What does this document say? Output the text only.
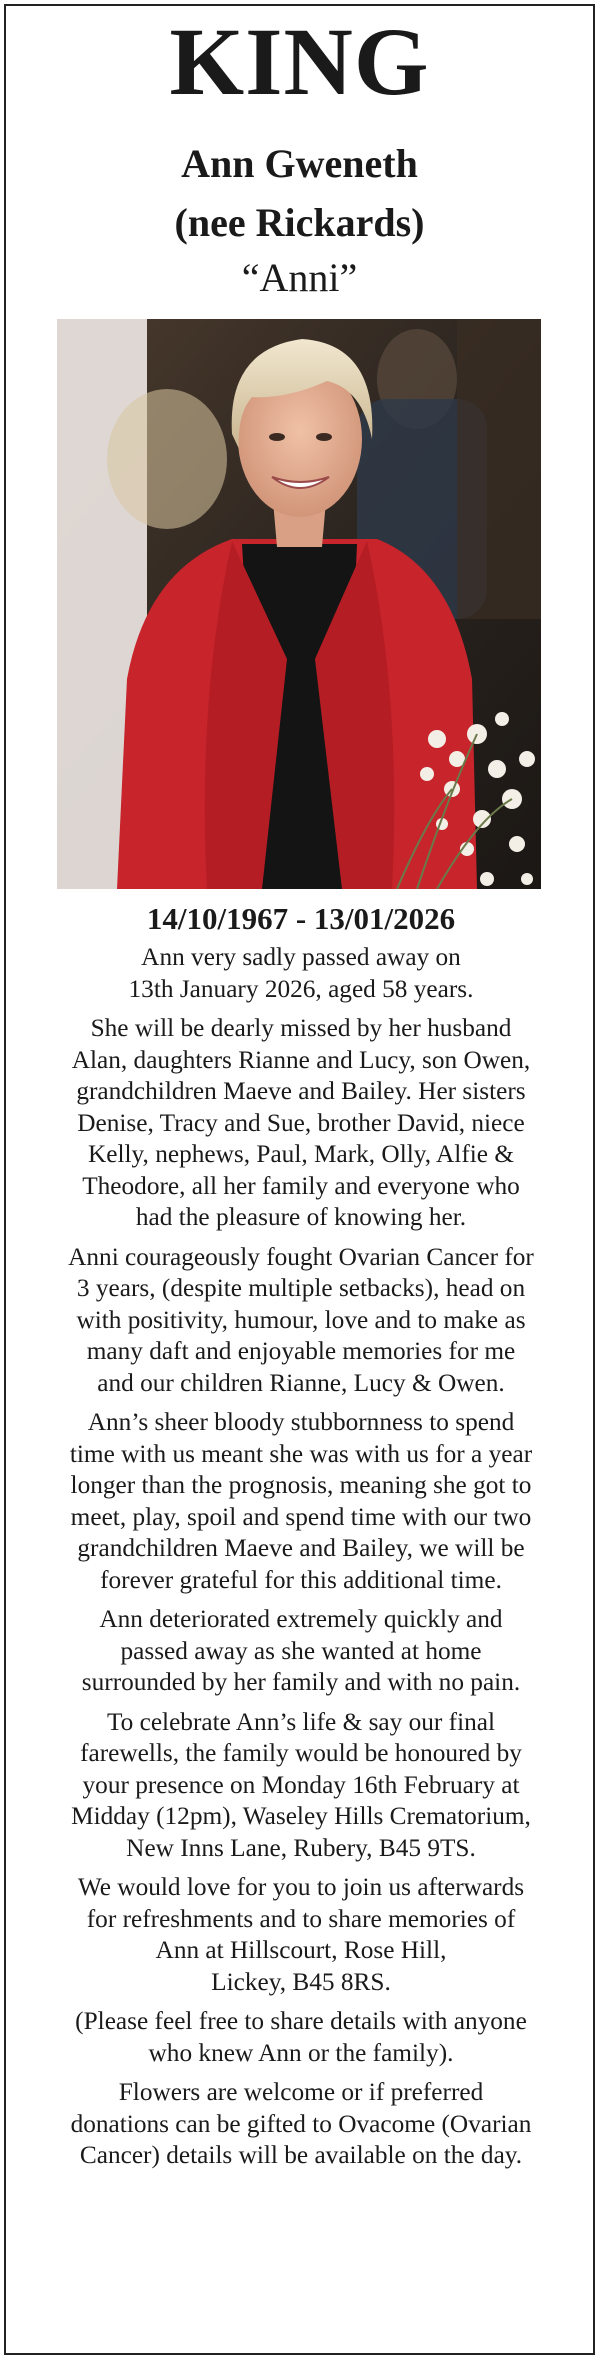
KING
Ann Gweneth
(nee Rickards)
“Anni”
14/10/1967 - 13/01/2026

Ann very sadly passed away on
13th January 2026, aged 58 years.

She will be dearly missed by her husband
Alan, daughters Rianne and Lucy, son Owen,
grandchildren Maeve and Bailey. Her sisters
Denise, Tracy and Sue, brother David, niece
Kelly, nephews, Paul, Mark, Olly, Alfie &
Theodore, all her family and everyone who
had the pleasure of knowing her.

Anni courageously fought Ovarian Cancer for
3 years, (despite multiple setbacks), head on
with positivity, humour, love and to make as
many daft and enjoyable memories for me
and our children Rianne, Lucy & Owen.

Ann’s sheer bloody stubbornness to spend
time with us meant she was with us for a year
longer than the prognosis, meaning she got to
meet, play, spoil and spend time with our two
grandchildren Maeve and Bailey, we will be
forever grateful for this additional time.

Ann deteriorated extremely quickly and
passed away as she wanted at home
surrounded by her family and with no pain.

To celebrate Ann’s life & say our final
farewells, the family would be honoured by
your presence on Monday 16th February at
Midday (12pm), Waseley Hills Crematorium,
New Inns Lane, Rubery, B45 9TS.

We would love for you to join us afterwards
for refreshments and to share memories of
Ann at Hillscourt, Rose Hill,
Lickey, B45 8RS.

(Please feel free to share details with anyone
who knew Ann or the family).

Flowers are welcome or if preferred
donations can be gifted to Ovacome (Ovarian
Cancer) details will be available on the day.
